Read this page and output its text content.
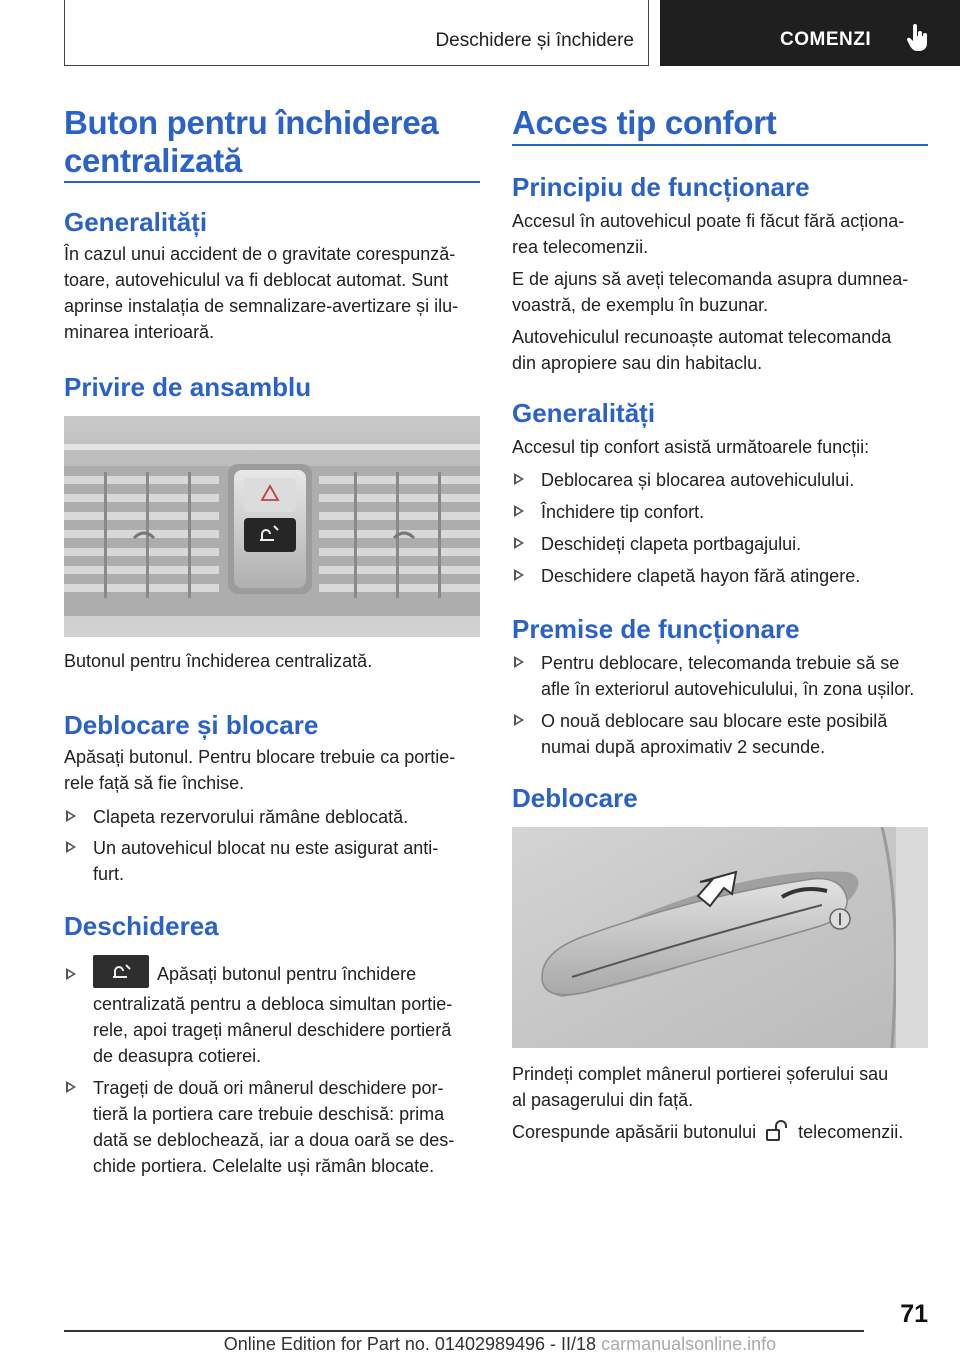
Deschidere și închidere	COMENZI
Buton pentru închiderea
centralizată
Generalități
În cazul unui accident de o gravitate corespunză-
toare, autovehiculul va fi deblocat automat. Sunt
aprinse instalația de semnalizare-avertizare și ilu-
minarea interioară.
Privire de ansamblu
Butonul pentru închiderea centralizată.
Deblocare și blocare
Apăsați butonul. Pentru blocare trebuie ca portie-
rele față să fie închise.
Clapeta rezervorului rămâne deblocată.
Un autovehicul blocat nu este asigurat anti-
furt.
Deschiderea
Apăsați butonul pentru închidere
centralizată pentru a debloca simultan portie-
rele, apoi trageți mânerul deschidere portieră
de deasupra cotierei.
Trageți de două ori mânerul deschidere por-
tieră la portiera care trebuie deschisă: prima
dată se deblochează, iar a doua oară se des-
chide portiera. Celelalte uși rămân blocate.
Acces tip confort
Principiu de funcționare
Accesul în autovehicul poate fi făcut fără acționa-
rea telecomenzii.
E de ajuns să aveți telecomanda asupra dumnea-
voastră, de exemplu în buzunar.
Autovehiculul recunoaște automat telecomanda
din apropiere sau din habitaclu.
Generalități
Accesul tip confort asistă următoarele funcții:
Deblocarea și blocarea autovehiculului.
Închidere tip confort.
Deschideți clapeta portbagajului.
Deschidere clapetă hayon fără atingere.
Premise de funcționare
Pentru deblocare, telecomanda trebuie să se
afle în exteriorul autovehiculului, în zona ușilor.
O nouă deblocare sau blocare este posibilă
numai după aproximativ 2 secunde.
Deblocare
Prindeți complet mânerul portierei șoferului sau
al pasagerului din față.
Corespunde apăsării butonului telecomenzii.
71
Online Edition for Part no. 01402989496 - II/18 carmanualsonline.info
